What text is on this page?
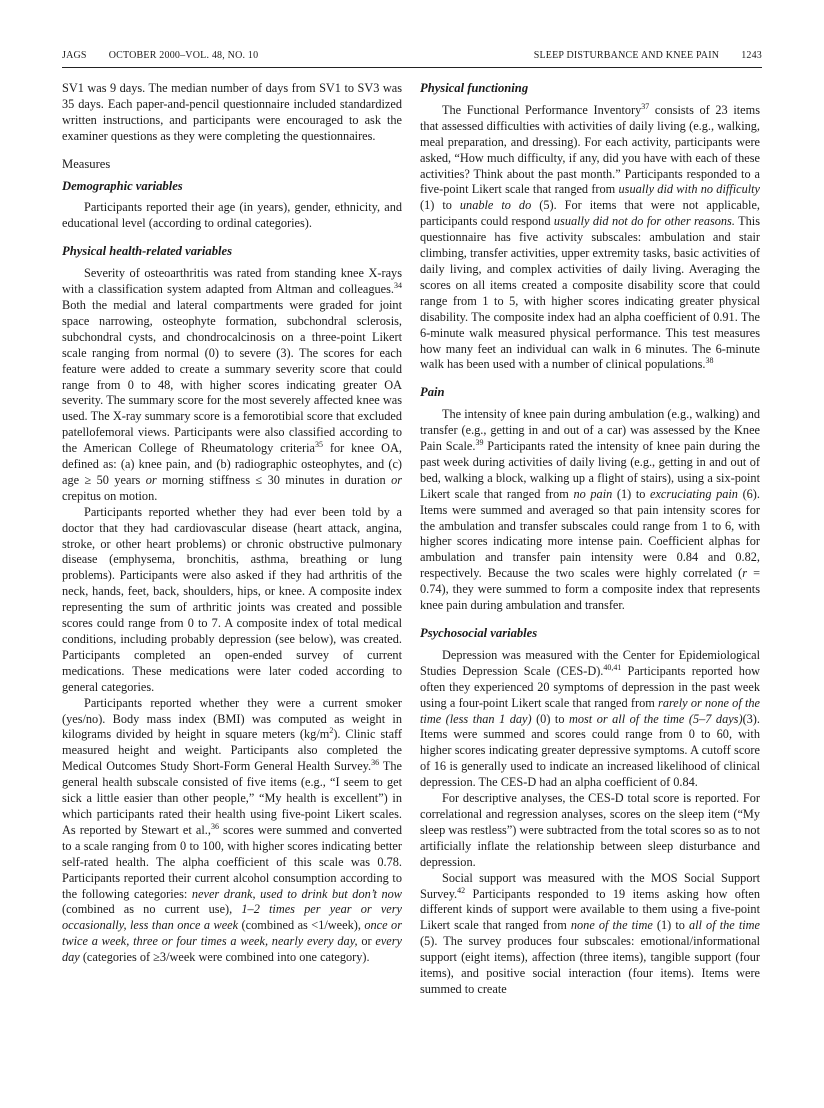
JAGS OCTOBER 2000–VOL. 48, NO. 10	SLEEP DISTURBANCE AND KNEE PAIN 1243

SV1 was 9 days. The median number of days from SV1 to SV3 was 35 days. Each paper-and-pencil questionnaire included standardized written instructions, and participants were encouraged to ask the examiner questions as they were completing the questionnaires.

Measures
Demographic variables

Participants reported their age (in years), gender, ethnicity, and educational level (according to ordinal categories).

Physical health-related variables

Severity of osteoarthritis was rated from standing knee X-rays with a classification system adapted from Altman and colleagues.$^{34}$ Both the medial and lateral compartments were graded for joint space narrowing, osteophyte formation, subchondral sclerosis, subchondral cysts, and chondrocalcinosis on a three-point Likert scale ranging from normal (0) to severe (3). The scores for each feature were added to create a summary severity score that could range from 0 to 48, with higher scores indicating greater OA severity. The summary score for the most severely affected knee was used. The X-ray summary score is a femorotibial score that excluded patellofemoral views. Participants were also classified according to the American College of Rheumatology criteria$^{35}$ for knee OA, defined as: (a) knee pain, and (b) radiographic osteophytes, and (c) age ≥ 50 years or morning stiffness ≤ 30 minutes in duration or crepitus on motion.

Participants reported whether they had ever been told by a doctor that they had cardiovascular disease (heart attack, angina, stroke, or other heart problems) or chronic obstructive pulmonary disease (emphysema, bronchitis, asthma, breathing or lung problems). Participants were also asked if they had arthritis of the neck, hands, feet, back, shoulders, hips, or knee. A composite index representing the sum of arthritic joints was created and possible scores could range from 0 to 7. A composite index of total medical conditions, including probably depression (see below), was created. Participants completed an open-ended survey of current medications. These medications were later coded according to general categories.

Participants reported whether they were a current smoker (yes/no). Body mass index (BMI) was computed as weight in kilograms divided by height in square meters $(kg/m^2)$. Clinic staff measured height and weight. Participants also completed the Medical Outcomes Study Short-Form General Health Survey.$^{36}$ The general health subscale consisted of five items (e.g., “I seem to get sick a little easier than other people,” “My health is excellent”) in which participants rated their health using five-point Likert scales. As reported by Stewart et al.,$^{36}$ scores were summed and converted to a scale ranging from 0 to 100, with higher scores indicating better self-rated health. The alpha coefficient of this scale was 0.78. Participants reported their current alcohol consumption according to the following categories: never drank, used to drink but don’t now (combined as no current use), 1–2 times per year or very occasionally, less than once a week (combined as <1/week), once or twice a week, three or four times a week, nearly every day, or every day (categories of ≥3/week were combined into one category).

Physical functioning

The Functional Performance Inventory$^{37}$ consists of 23 items that assessed difficulties with activities of daily living (e.g., walking, meal preparation, and dressing). For each activity, participants were asked, “How much difficulty, if any, did you have with each of these activities? Think about the past month.” Participants responded to a five-point Likert scale that ranged from usually did with no difficulty (1) to unable to do (5). For items that were not applicable, participants could respond usually did not do for other reasons. This questionnaire has five activity subscales: ambulation and stair climbing, transfer activities, upper extremity tasks, basic activities of daily living, and complex activities of daily living. Averaging the scores on all items created a composite disability score that could range from 1 to 5, with higher scores indicating greater physical disability. The composite index had an alpha coefficient of 0.91. The 6-minute walk measured physical performance. This test measures how many feet an individual can walk in 6 minutes. The 6-minute walk has been used with a number of clinical populations.$^{38}$

Pain

The intensity of knee pain during ambulation (e.g., walking) and transfer (e.g., getting in and out of a car) was assessed by the Knee Pain Scale.$^{39}$ Participants rated the intensity of knee pain during the past week during activities of daily living (e.g., getting in and out of bed, walking a block, walking up a flight of stairs), using a six-point Likert scale that ranged from no pain (1) to excruciating pain (6). Items were summed and averaged so that pain intensity scores for the ambulation and transfer subscales could range from 1 to 6, with higher scores indicating more intense pain. Coefficient alphas for ambulation and transfer pain intensity were 0.84 and 0.82, respectively. Because the two scales were highly correlated (r = 0.74), they were summed to form a composite index that represents knee pain during ambulation and transfer.

Psychosocial variables

Depression was measured with the Center for Epidemiological Studies Depression Scale (CES-D).$^{40,41}$ Participants reported how often they experienced 20 symptoms of depression in the past week using a four-point Likert scale that ranged from rarely or none of the time (less than 1 day) (0) to most or all of the time (5–7 days)(3). Items were summed and scores could range from 0 to 60, with higher scores indicating greater depressive symptoms. A cutoff score of 16 is generally used to indicate an increased likelihood of clinical depression. The CES-D had an alpha coefficient of 0.84.

For descriptive analyses, the CES-D total score is reported. For correlational and regression analyses, scores on the sleep item (“My sleep was restless”) were subtracted from the total scores so as to not artificially inflate the relationship between sleep disturbance and depression.

Social support was measured with the MOS Social Support Survey.$^{42}$ Participants responded to 19 items asking how often different kinds of support were available to them using a five-point Likert scale that ranged from none of the time (1) to all of the time (5). The survey produces four subscales: emotional/informational support (eight items), affection (three items), tangible support (four items), and positive social interaction (four items). Items were summed to create
